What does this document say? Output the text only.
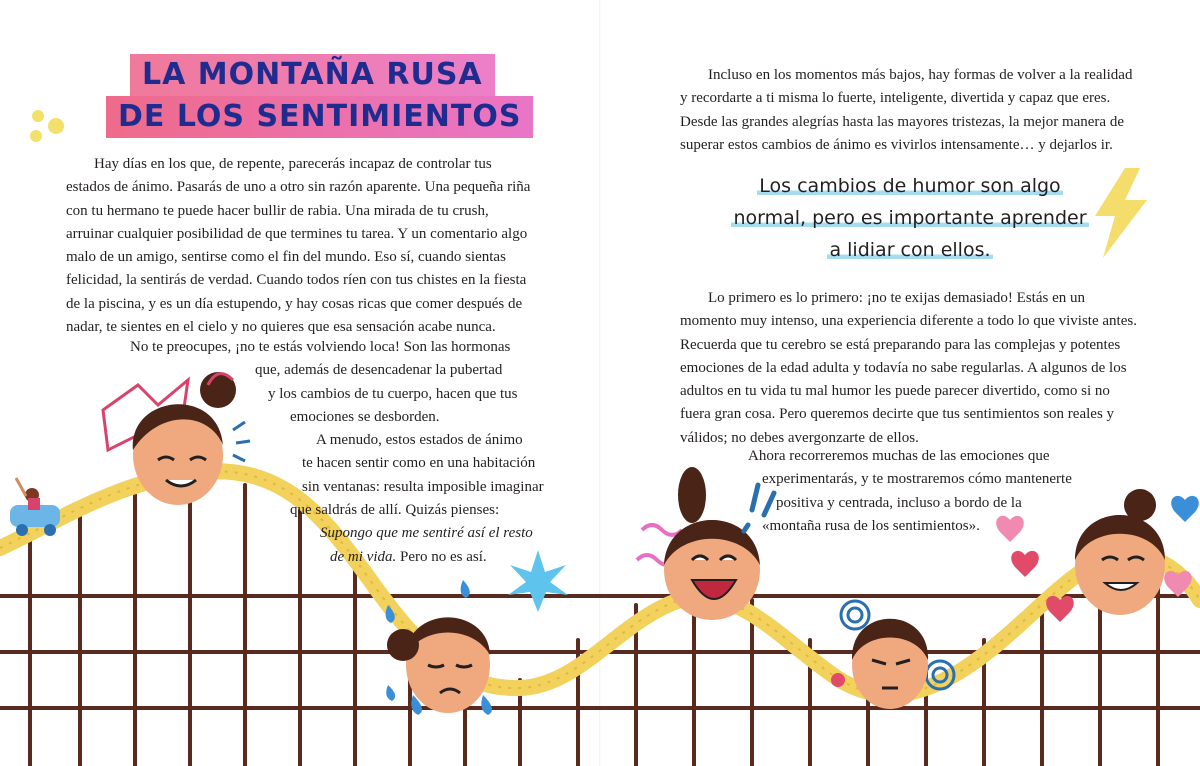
LA MONTAÑA RUSA
DE LOS SENTIMIENTOS

Hay días en los que, de repente, parecerás incapaz de controlar tus estados de ánimo. Pasarás de uno a otro sin razón aparente. Una pequeña riña con tu hermano te puede hacer bullir de rabia. Una mirada de tu crush, arruinar cualquier posibilidad de que termines tu tarea. Y un comentario algo malo de un amigo, sentirse como el fin del mundo. Eso sí, cuando sientas felicidad, la sentirás de verdad. Cuando todos ríen con tus chistes en la fiesta de la piscina, y es un día estupendo, y hay cosas ricas que comer después de nadar, te sientes en el cielo y no quieres que esa sensación acabe nunca.

No te preocupes, ¡no te estás volviendo loca! Son las hormonas
que, además de desencadenar la pubertad
y los cambios de tu cuerpo, hacen que tus
emociones se desborden.
A menudo, estos estados de ánimo
te hacen sentir como en una habitación
sin ventanas: resulta imposible imaginar
que saldrás de allí. Quizás pienses:
Supongo que me sentiré así el resto
de mi vida. Pero no es así.

Incluso en los momentos más bajos, hay formas de volver a la realidad y recordarte a ti misma lo fuerte, inteligente, divertida y capaz que eres. Desde las grandes alegrías hasta las mayores tristezas, la mejor manera de superar estos cambios de ánimo es vivirlos intensamente… y dejarlos ir.

Los cambios de humor son algo
normal, pero es importante aprender
a lidiar con ellos.

Lo primero es lo primero: ¡no te exijas demasiado! Estás en un momento muy intenso, una experiencia diferente a todo lo que viviste antes. Recuerda que tu cerebro se está preparando para las complejas y potentes emociones de la edad adulta y todavía no sabe regularlas. A algunos de los adultos en tu vida tu mal humor les puede parecer divertido, como si no fuera gran cosa. Pero queremos decirte que tus sentimientos son reales y válidos; no debes avergonzarte de ellos.

Ahora recorreremos muchas de las emociones que
experimentarás, y te mostraremos cómo mantenerte
positiva y centrada, incluso a bordo de la
«montaña rusa de los sentimientos».
